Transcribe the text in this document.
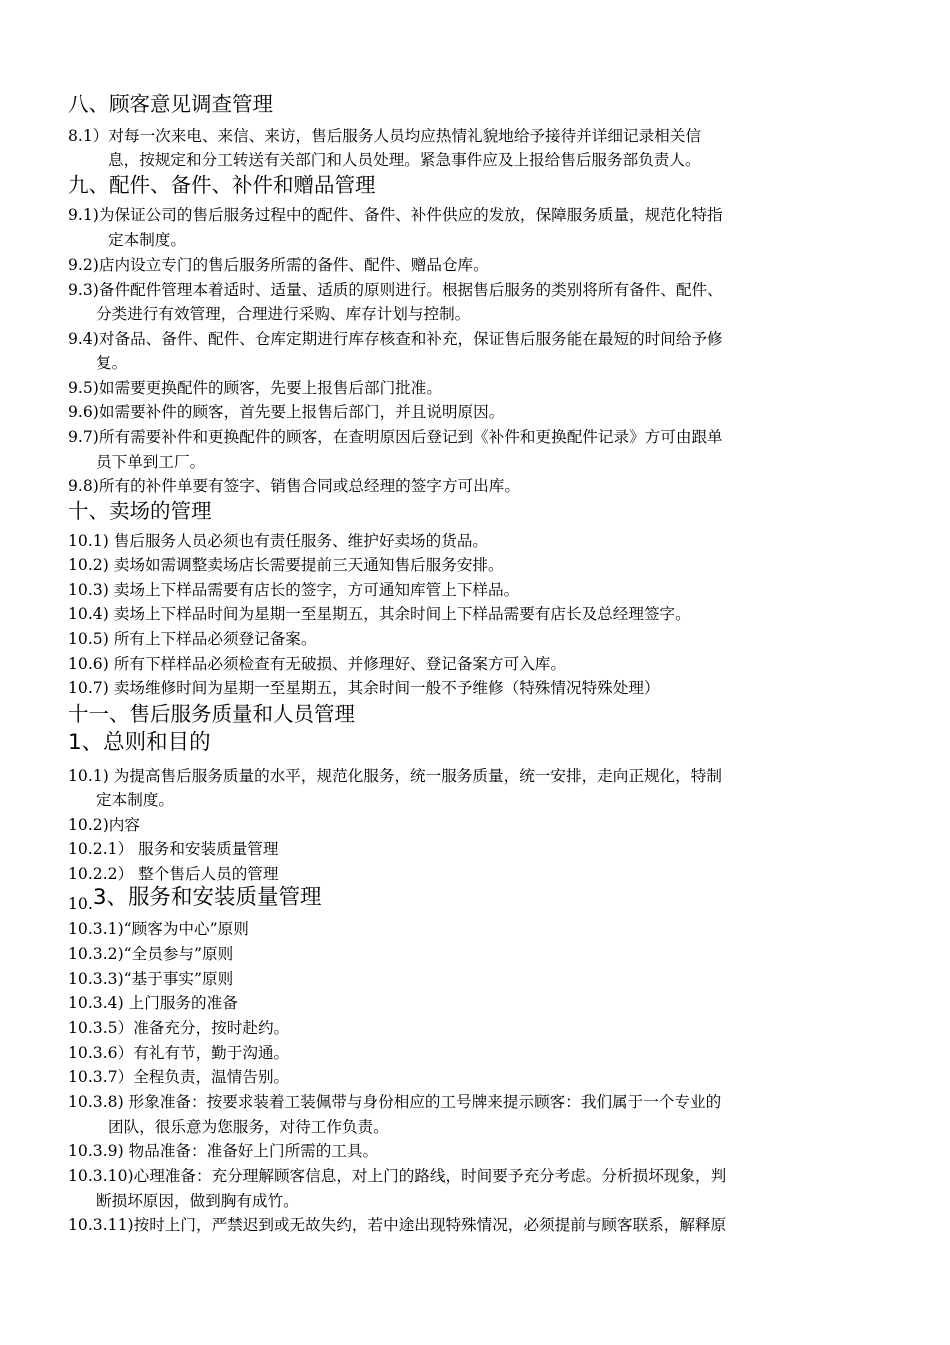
八、顾客意见调查管理
8.1）对每一次来电、来信、来访，售后服务人员均应热情礼貌地给予接待并详细记录相关信
息，按规定和分工转送有关部门和人员处理。紧急事件应及上报给售后服务部负责人。
九、配件、备件、补件和赠品管理
9.1)为保证公司的售后服务过程中的配件、备件、补件供应的发放，保障服务质量，规范化特指
定本制度。
9.2)店内设立专门的售后服务所需的备件、配件、赠品仓库。
9.3)备件配件管理本着适时、适量、适质的原则进行。根据售后服务的类别将所有备件、配件、
分类进行有效管理，合理进行采购、库存计划与控制。
9.4)对备品、备件、配件、仓库定期进行库存核查和补充，保证售后服务能在最短的时间给予修
复。
9.5)如需要更换配件的顾客，先要上报售后部门批准。
9.6)如需要补件的顾客，首先要上报售后部门，并且说明原因。
9.7)所有需要补件和更换配件的顾客，在查明原因后登记到《补件和更换配件记录》方可由跟单
员下单到工厂。
9.8)所有的补件单要有签字、销售合同或总经理的签字方可出库。
十、卖场的管理
10.1) 售后服务人员必须也有责任服务、维护好卖场的货品。
10.2) 卖场如需调整卖场店长需要提前三天通知售后服务安排。
10.3) 卖场上下样品需要有店长的签字，方可通知库管上下样品。
10.4) 卖场上下样品时间为星期一至星期五，其余时间上下样品需要有店长及总经理签字。
10.5) 所有上下样品必须登记备案。
10.6) 所有下样样品必须检查有无破损、并修理好、登记备案方可入库。
10.7) 卖场维修时间为星期一至星期五，其余时间一般不予维修（特殊情况特殊处理）
十一、售后服务质量和人员管理
1、总则和目的
10.1) 为提高售后服务质量的水平，规范化服务，统一服务质量，统一安排，走向正规化，特制
定本制度。
10.2)内容
10.2.1） 服务和安装质量管理
10.2.2） 整个售后人员的管理
10.3、服务和安装质量管理
10.3.1)“顾客为中心”原则
10.3.2)“全员参与”原则
10.3.3)“基于事实”原则
10.3.4) 上门服务的准备
10.3.5）准备充分，按时赴约。
10.3.6）有礼有节，勤于沟通。
10.3.7）全程负责，温情告别。
10.3.8) 形象准备：按要求装着工装佩带与身份相应的工号牌来提示顾客：我们属于一个专业的
团队，很乐意为您服务，对待工作负责。
10.3.9) 物品准备：准备好上门所需的工具。
10.3.10)心理准备：充分理解顾客信息，对上门的路线，时间要予充分考虑。分析损坏现象，判
断损坏原因，做到胸有成竹。
10.3.11)按时上门，严禁迟到或无故失约，若中途出现特殊情况，必须提前与顾客联系，解释原
